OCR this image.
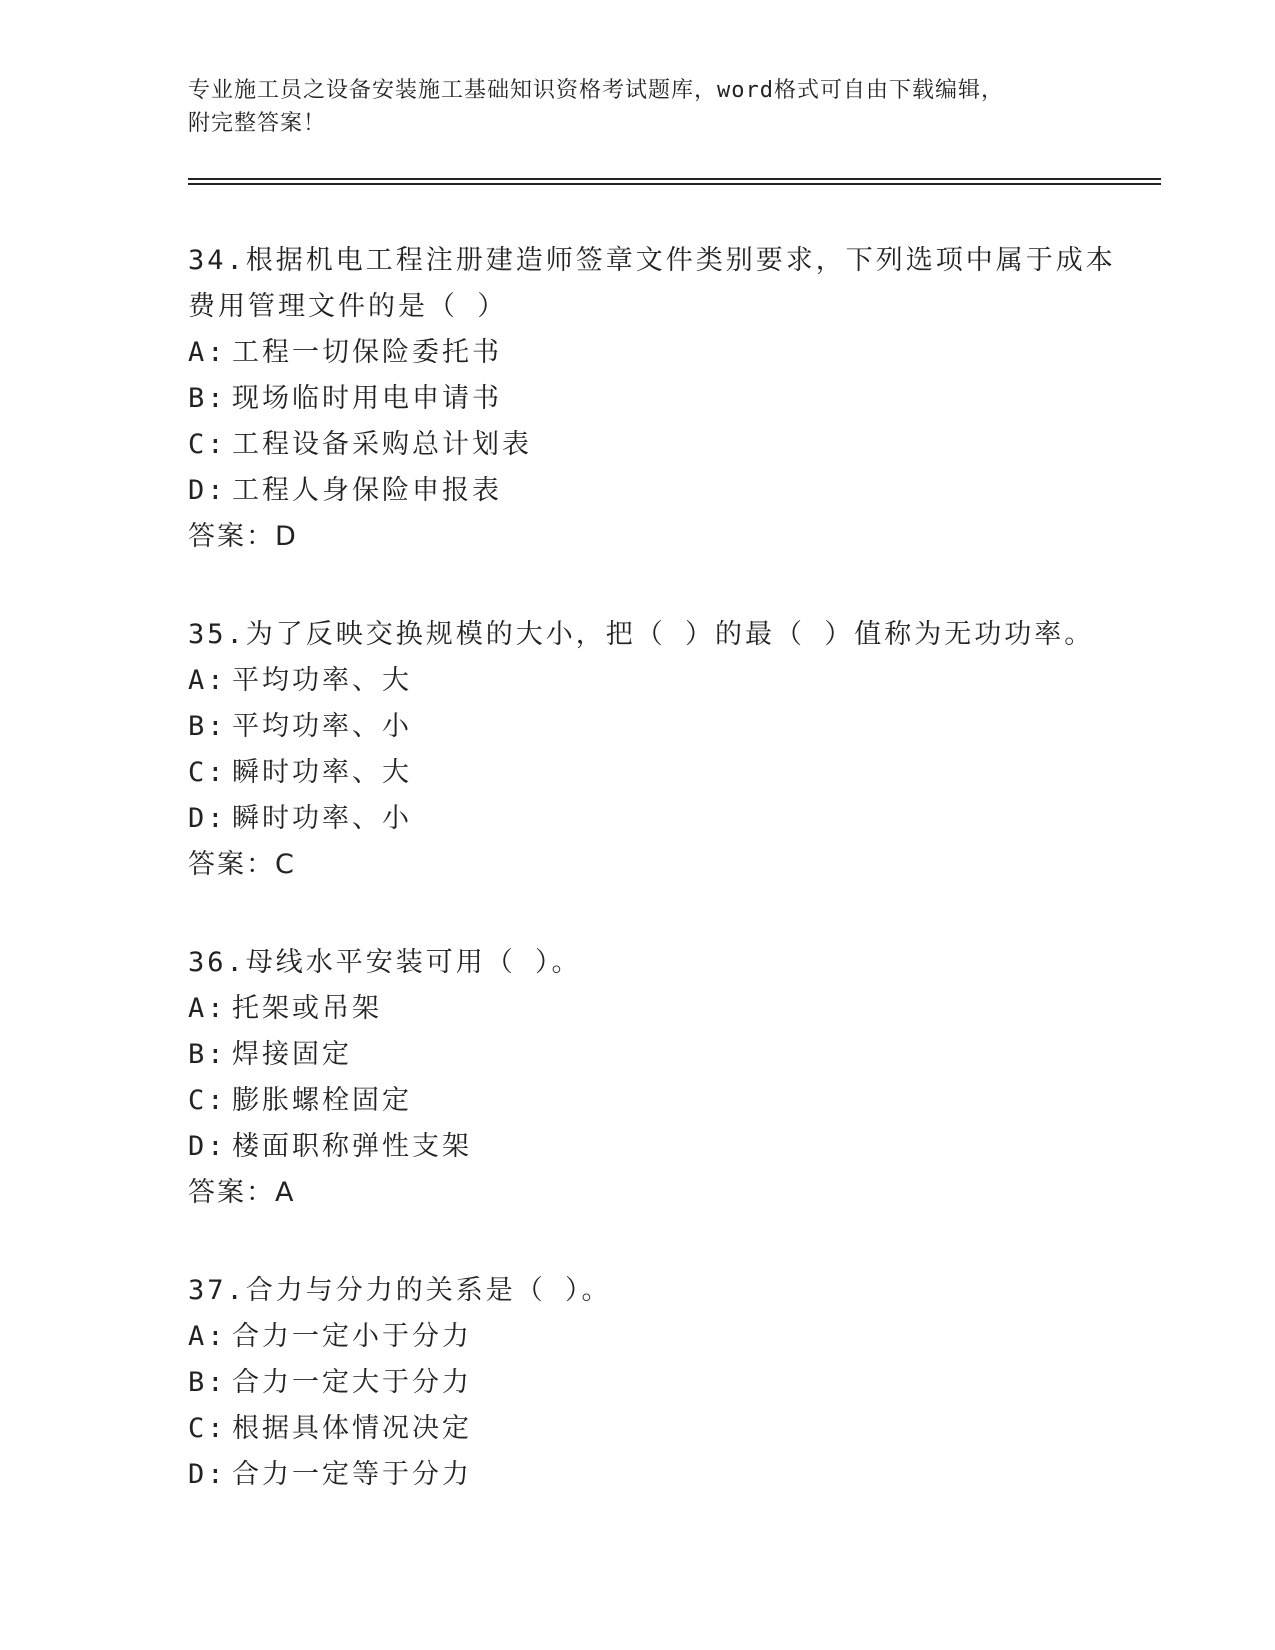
专业施工员之设备安装施工基础知识资格考试题库，word格式可自由下载编辑，
附完整答案！
34.根据机电工程注册建造师签章文件类别要求，下列选项中属于成本
费用管理文件的是（ ）
A: 工程一切保险委托书
B: 现场临时用电申请书
C: 工程设备采购总计划表
D: 工程人身保险申报表
答案：D
35.为了反映交换规模的大小，把（ ）的最（ ）值称为无功功率。
A: 平均功率、大
B: 平均功率、小
C: 瞬时功率、大
D: 瞬时功率、小
答案：C
36.母线水平安装可用（ ）。
A: 托架或吊架
B: 焊接固定
C: 膨胀螺栓固定
D: 楼面职称弹性支架
答案：A
37.合力与分力的关系是（ ）。
A: 合力一定小于分力
B: 合力一定大于分力
C: 根据具体情况决定
D: 合力一定等于分力
